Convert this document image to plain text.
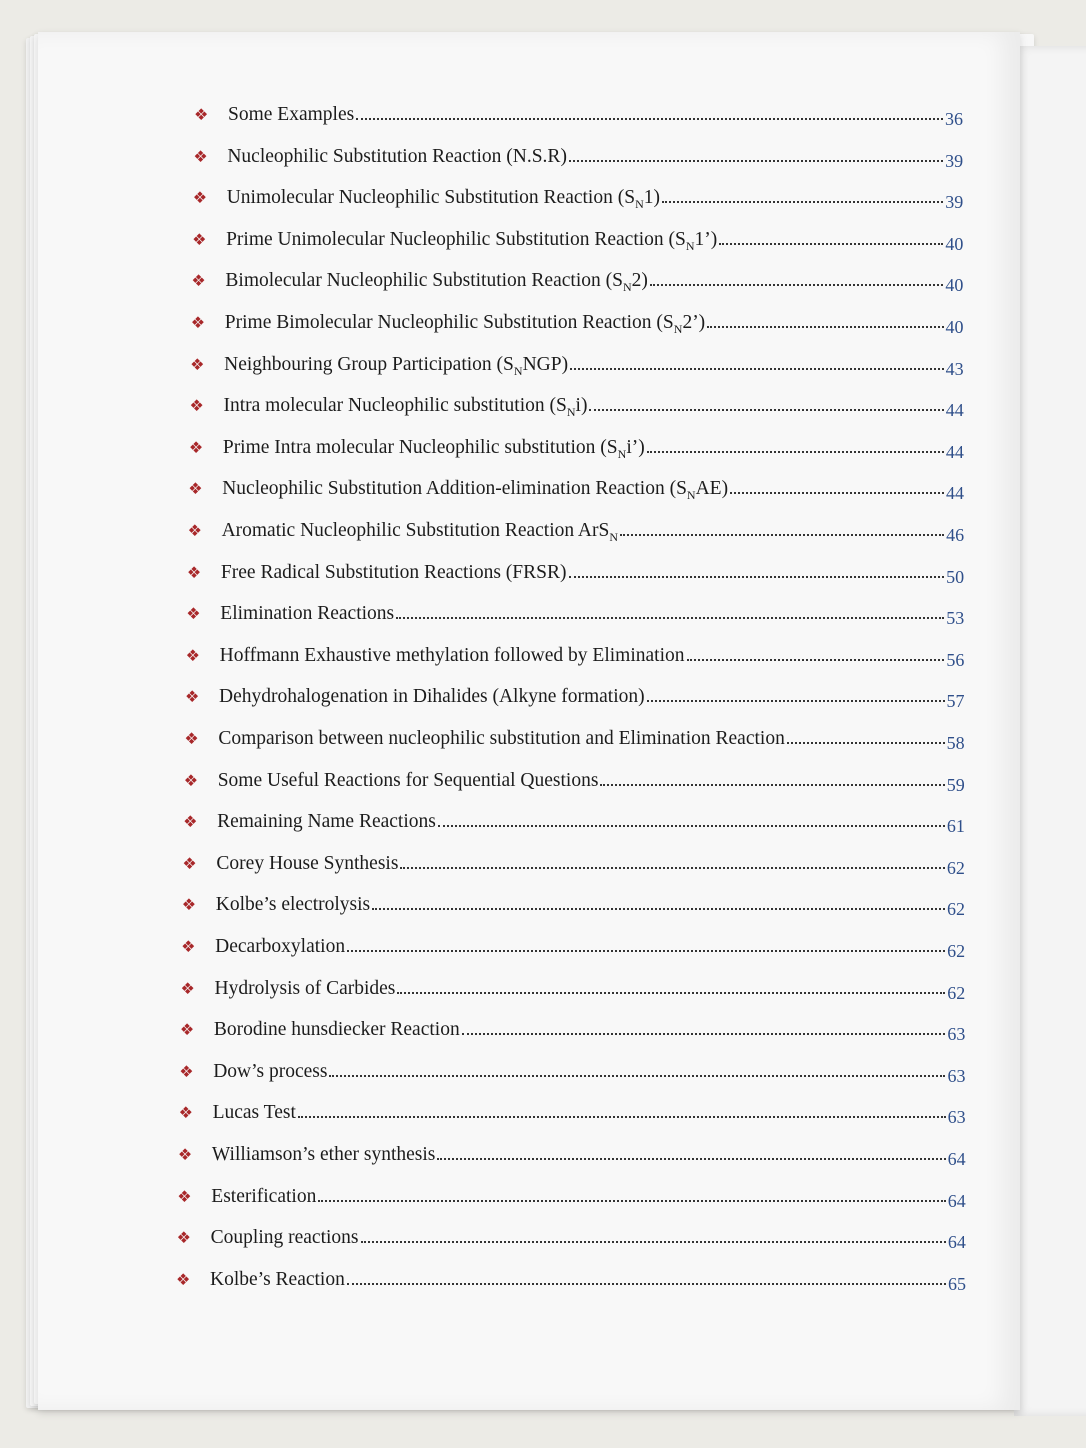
❖	Some Examples	36
❖	Nucleophilic Substitution Reaction (N.S.R)	39
❖	Unimolecular Nucleophilic Substitution Reaction $(S_N1)$	39
❖	Prime Unimolecular Nucleophilic Substitution Reaction $(S_N1’)$	40
❖	Bimolecular Nucleophilic Substitution Reaction $(S_N2)$	40
❖	Prime Bimolecular Nucleophilic Substitution Reaction $(S_N2’)$	40
❖	Neighbouring Group Participation $(S_NNGP)$	43
❖	Intra molecular Nucleophilic substitution $(S_Ni)$	44
❖	Prime Intra molecular Nucleophilic substitution $(S_Ni’)$	44
❖	Nucleophilic Substitution Addition-elimination Reaction $(S_NAE)$	44
❖	Aromatic Nucleophilic Substitution Reaction ArS$_N$	46
❖	Free Radical Substitution Reactions (FRSR)	50
❖	Elimination Reactions	53
❖	Hoffmann Exhaustive methylation followed by Elimination	56
❖	Dehydrohalogenation in Dihalides (Alkyne formation)	57
❖	Comparison between nucleophilic substitution and Elimination Reaction	58
❖	Some Useful Reactions for Sequential Questions	59
❖	Remaining Name Reactions	61
❖	Corey House Synthesis	62
❖	Kolbe’s electrolysis	62
❖	Decarboxylation	62
❖	Hydrolysis of Carbides	62
❖	Borodine hunsdiecker Reaction	63
❖	Dow’s process	63
❖	Lucas Test	63
❖	Williamson’s ether synthesis	64
❖	Esterification	64
❖	Coupling reactions	64
❖	Kolbe’s Reaction	65
